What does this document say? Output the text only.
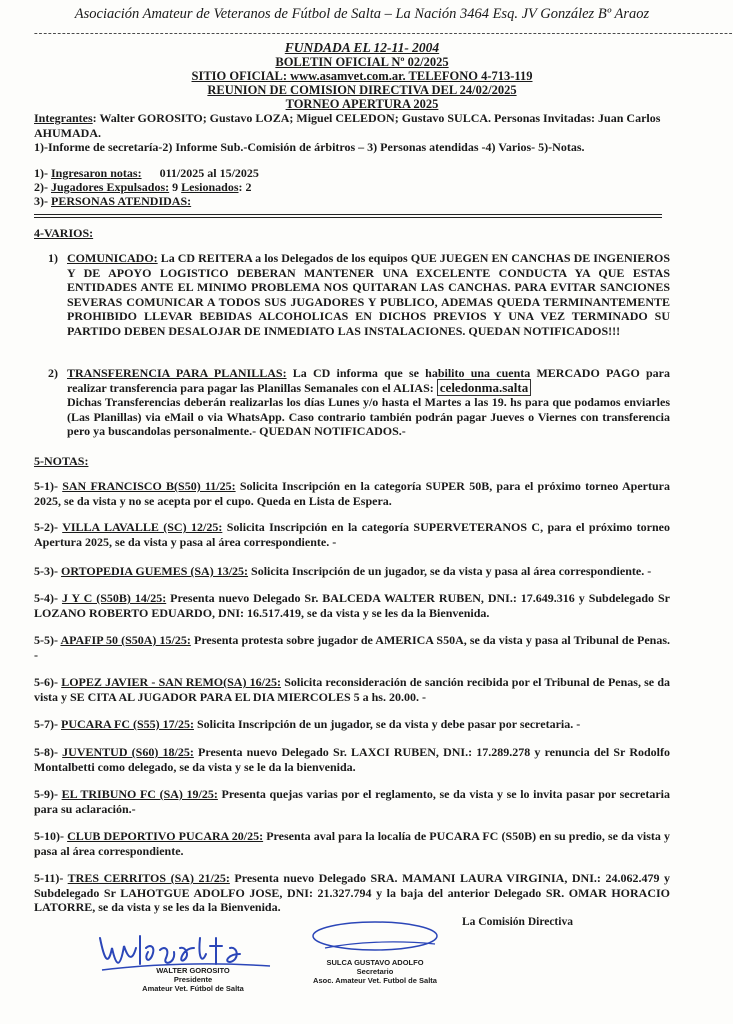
Asociación Amateur de Veteranos de Fútbol de Salta – La Nación 3464 Esq. JV González Bº Araoz
------------------------------------------------------------------------------------------------------------------------------------------------------
FUNDADA EL 12-11- 2004
BOLETIN OFICIAL Nº 02/2025
SITIO OFICIAL: www.asamvet.com.ar. TELEFONO 4-713-119
REUNION DE COMISION DIRECTIVA DEL 24/02/2025
TORNEO APERTURA 2025
Integrantes: Walter GOROSITO; Gustavo LOZA; Miguel CELEDON; Gustavo SULCA. Personas Invitadas: Juan Carlos AHUMADA.
1)-Informe de secretaría-2) Informe Sub.-Comisión de árbitros – 3) Personas atendidas -4) Varios- 5)-Notas.
1)- Ingresaron notas: 011/2025 al 15/2025
2)- Jugadores Expulsados: 9 Lesionados: 2
3)- PERSONAS ATENDIDAS:
4-VARIOS:
1) COMUNICADO: La CD REITERA a los Delegados de los equipos QUE JUEGEN EN CANCHAS DE INGENIEROS Y DE APOYO LOGISTICO DEBERAN MANTENER UNA EXCELENTE CONDUCTA YA QUE ESTAS ENTIDADES ANTE EL MINIMO PROBLEMA NOS QUITARAN LAS CANCHAS. PARA EVITAR SANCIONES SEVERAS COMUNICAR A TODOS SUS JUGADORES Y PUBLICO, ADEMAS QUEDA TERMINANTEMENTE PROHIBIDO LLEVAR BEBIDAS ALCOHOLICAS EN DICHOS PREVIOS Y UNA VEZ TERMINADO SU PARTIDO DEBEN DESALOJAR DE INMEDIATO LAS INSTALACIONES. QUEDAN NOTIFICADOS!!!
2) TRANSFERENCIA PARA PLANILLAS: La CD informa que se habilito una cuenta MERCADO PAGO para realizar transferencia para pagar las Planillas Semanales con el ALIAS: celedonma.salta
Dichas Transferencias deberán realizarlas los días Lunes y/o hasta el Martes a las 19. hs para que podamos enviarles (Las Planillas) via eMail o via WhatsApp. Caso contrario también podrán pagar Jueves o Viernes con transferencia pero ya buscandolas personalmente.- QUEDAN NOTIFICADOS.-
5-NOTAS:
5-1)- SAN FRANCISCO B(S50) 11/25: Solicita Inscripción en la categoría SUPER 50B, para el próximo torneo Apertura 2025, se da vista y no se acepta por el cupo. Queda en Lista de Espera.
5-2)- VILLA LAVALLE (SC) 12/25: Solicita Inscripción en la categoría SUPERVETERANOS C, para el próximo torneo Apertura 2025, se da vista y pasa al área correspondiente. -
5-3)- ORTOPEDIA GUEMES (SA) 13/25: Solicita Inscripción de un jugador, se da vista y pasa al área correspondiente. -
5-4)- J Y C (S50B) 14/25: Presenta nuevo Delegado Sr. BALCEDA WALTER RUBEN, DNI.: 17.649.316 y Subdelegado Sr LOZANO ROBERTO EDUARDO, DNI: 16.517.419, se da vista y se les da la Bienvenida.
5-5)- APAFIP 50 (S50A) 15/25: Presenta protesta sobre jugador de AMERICA S50A, se da vista y pasa al Tribunal de Penas. -
5-6)- LOPEZ JAVIER - SAN REMO(SA) 16/25: Solicita reconsideración de sanción recibida por el Tribunal de Penas, se da vista y SE CITA AL JUGADOR PARA EL DIA MIERCOLES 5 a hs. 20.00. -
5-7)- PUCARA FC (S55) 17/25: Solicita Inscripción de un jugador, se da vista y debe pasar por secretaria. -
5-8)- JUVENTUD (S60) 18/25: Presenta nuevo Delegado Sr. LAXCI RUBEN, DNI.: 17.289.278 y renuncia del Sr Rodolfo Montalbetti como delegado, se da vista y se le da la bienvenida.
5-9)- EL TRIBUNO FC (SA) 19/25: Presenta quejas varias por el reglamento, se da vista y se lo invita pasar por secretaria para su aclaración.-
5-10)- CLUB DEPORTIVO PUCARA 20/25: Presenta aval para la localía de PUCARA FC (S50B) en su predio, se da vista y pasa al área correspondiente.
5-11)- TRES CERRITOS (SA) 21/25: Presenta nuevo Delegado SRA. MAMANI LAURA VIRGINIA, DNI.: 24.062.479 y Subdelegado Sr LAHOTGUE ADOLFO JOSE, DNI: 21.327.794 y la baja del anterior Delegado SR. OMAR HORACIO LATORRE, se da vista y se les da la Bienvenida.
La Comisión Directiva
WALTER GOROSITO
Presidente
Amateur Vet. Fútbol de Salta
SULCA GUSTAVO ADOLFO
Secretario
Asoc. Amateur Vet. Futbol de Salta
